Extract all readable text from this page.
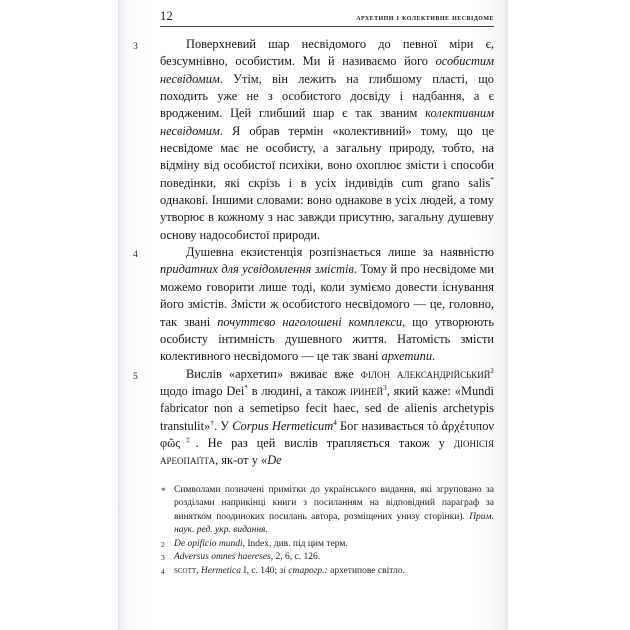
12	архетипи і колективне несвідоме

3	Поверхневий шар несвідомого до певної міри є, безсумнівно, особистим. Ми й називаємо його особистим несвідомим. Утім, він лежить на глибшому пласті, що походить уже не з особистого досвіду і надбання, а є вродженим. Цей глибший шар є так званим колективним несвідомим. Я обрав термін «колективний» тому, що це несвідоме має не особисту, а загальну природу, тобто, на відміну від особистої психіки, воно охоплює змісти і способи поведінки, які скрізь і в усіх індивідів cum grano salis* однакові. Іншими словами: воно однакове в усіх людей, а тому утворює в кожному з нас завжди присутню, загальну душевну основу надособистої природи.

4	Душевна екзистенція розпізнається лише за наявністю придатних для усвідомлення змістів. Тому й про несвідоме ми можемо говорити лише тоді, коли зуміємо довести існування його змістів. Змісти ж особистого несвідомого — це, головно, так звані почуттєво наголошені комплекси, що утворюють особисту інтимність душевного життя. Натомість змісти колективного несвідомого — це так звані архетипи.

5	Вислів «архетип» вживає вже філон александрійський$^2$ щодо imago Dei* в людині, а також іриней$^3$, який каже: «Mundi fabricator non a semetipso fecit haec, sed de alienis archetypis transtulit»†. У Corpus Hermeticum$^4$ Бог називається τὸ ἀρχέτυπον φῶς‡. Не раз цей вислів трапляється також у діонісія ареопаґіта, як-от у «De

* Символами позначені примітки до українського видання, які згруповано за розділами наприкінці книги з посиланням на відповідний параграф за винятком поодиноких посилань автора, розміщених унизу сторінки). Прим. наук. ред. укр. видання.

2 De opificio mundi, Index, див. під цим терм.

3 Adversus omnes haereses, 2, 6, с. 126.

4 scott, Hermetica I, с. 140; зі старогр.: архетипове світло.
